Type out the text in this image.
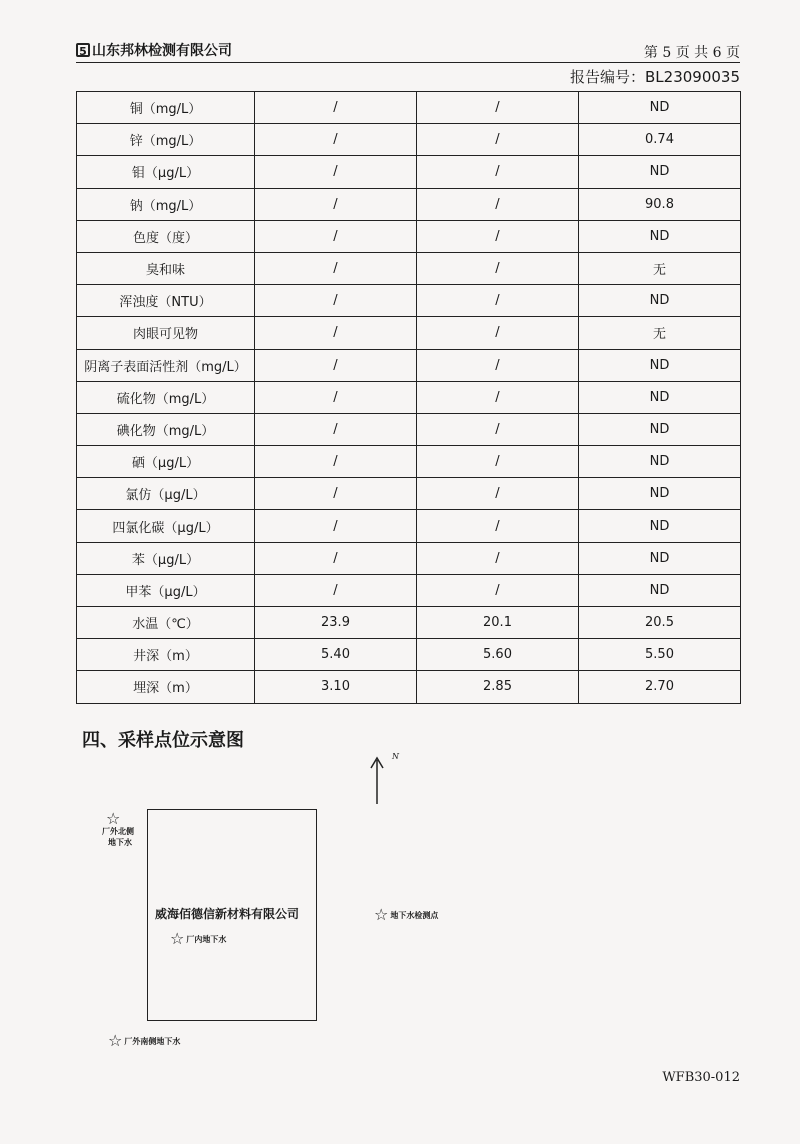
5 山东邦林检测有限公司	第 5 页 共 6 页
报告编号：BL23090035
铜（mg/L）	/	/	ND
锌（mg/L）	/	/	0.74
钼（μg/L）	/	/	ND
钠（mg/L）	/	/	90.8
色度（度）	/	/	ND
臭和味	/	/	无
浑浊度（NTU）	/	/	ND
肉眼可见物	/	/	无
阴离子表面活性剂（mg/L）	/	/	ND
硫化物（mg/L）	/	/	ND
碘化物（mg/L）	/	/	ND
硒（μg/L）	/	/	ND
氯仿（μg/L）	/	/	ND
四氯化碳（μg/L）	/	/	ND
苯（μg/L）	/	/	ND
甲苯（μg/L）	/	/	ND
水温（℃）	23.9	20.1	20.5
井深（m）	5.40	5.60	5.50
埋深（m）	3.10	2.85	2.70
四、采样点位示意图
N
威海佰德信新材料有限公司
☆
厂外北侧
地下水
☆ 厂内地下水
☆ 地下水检测点
☆ 厂外南侧地下水
WFB30-012
